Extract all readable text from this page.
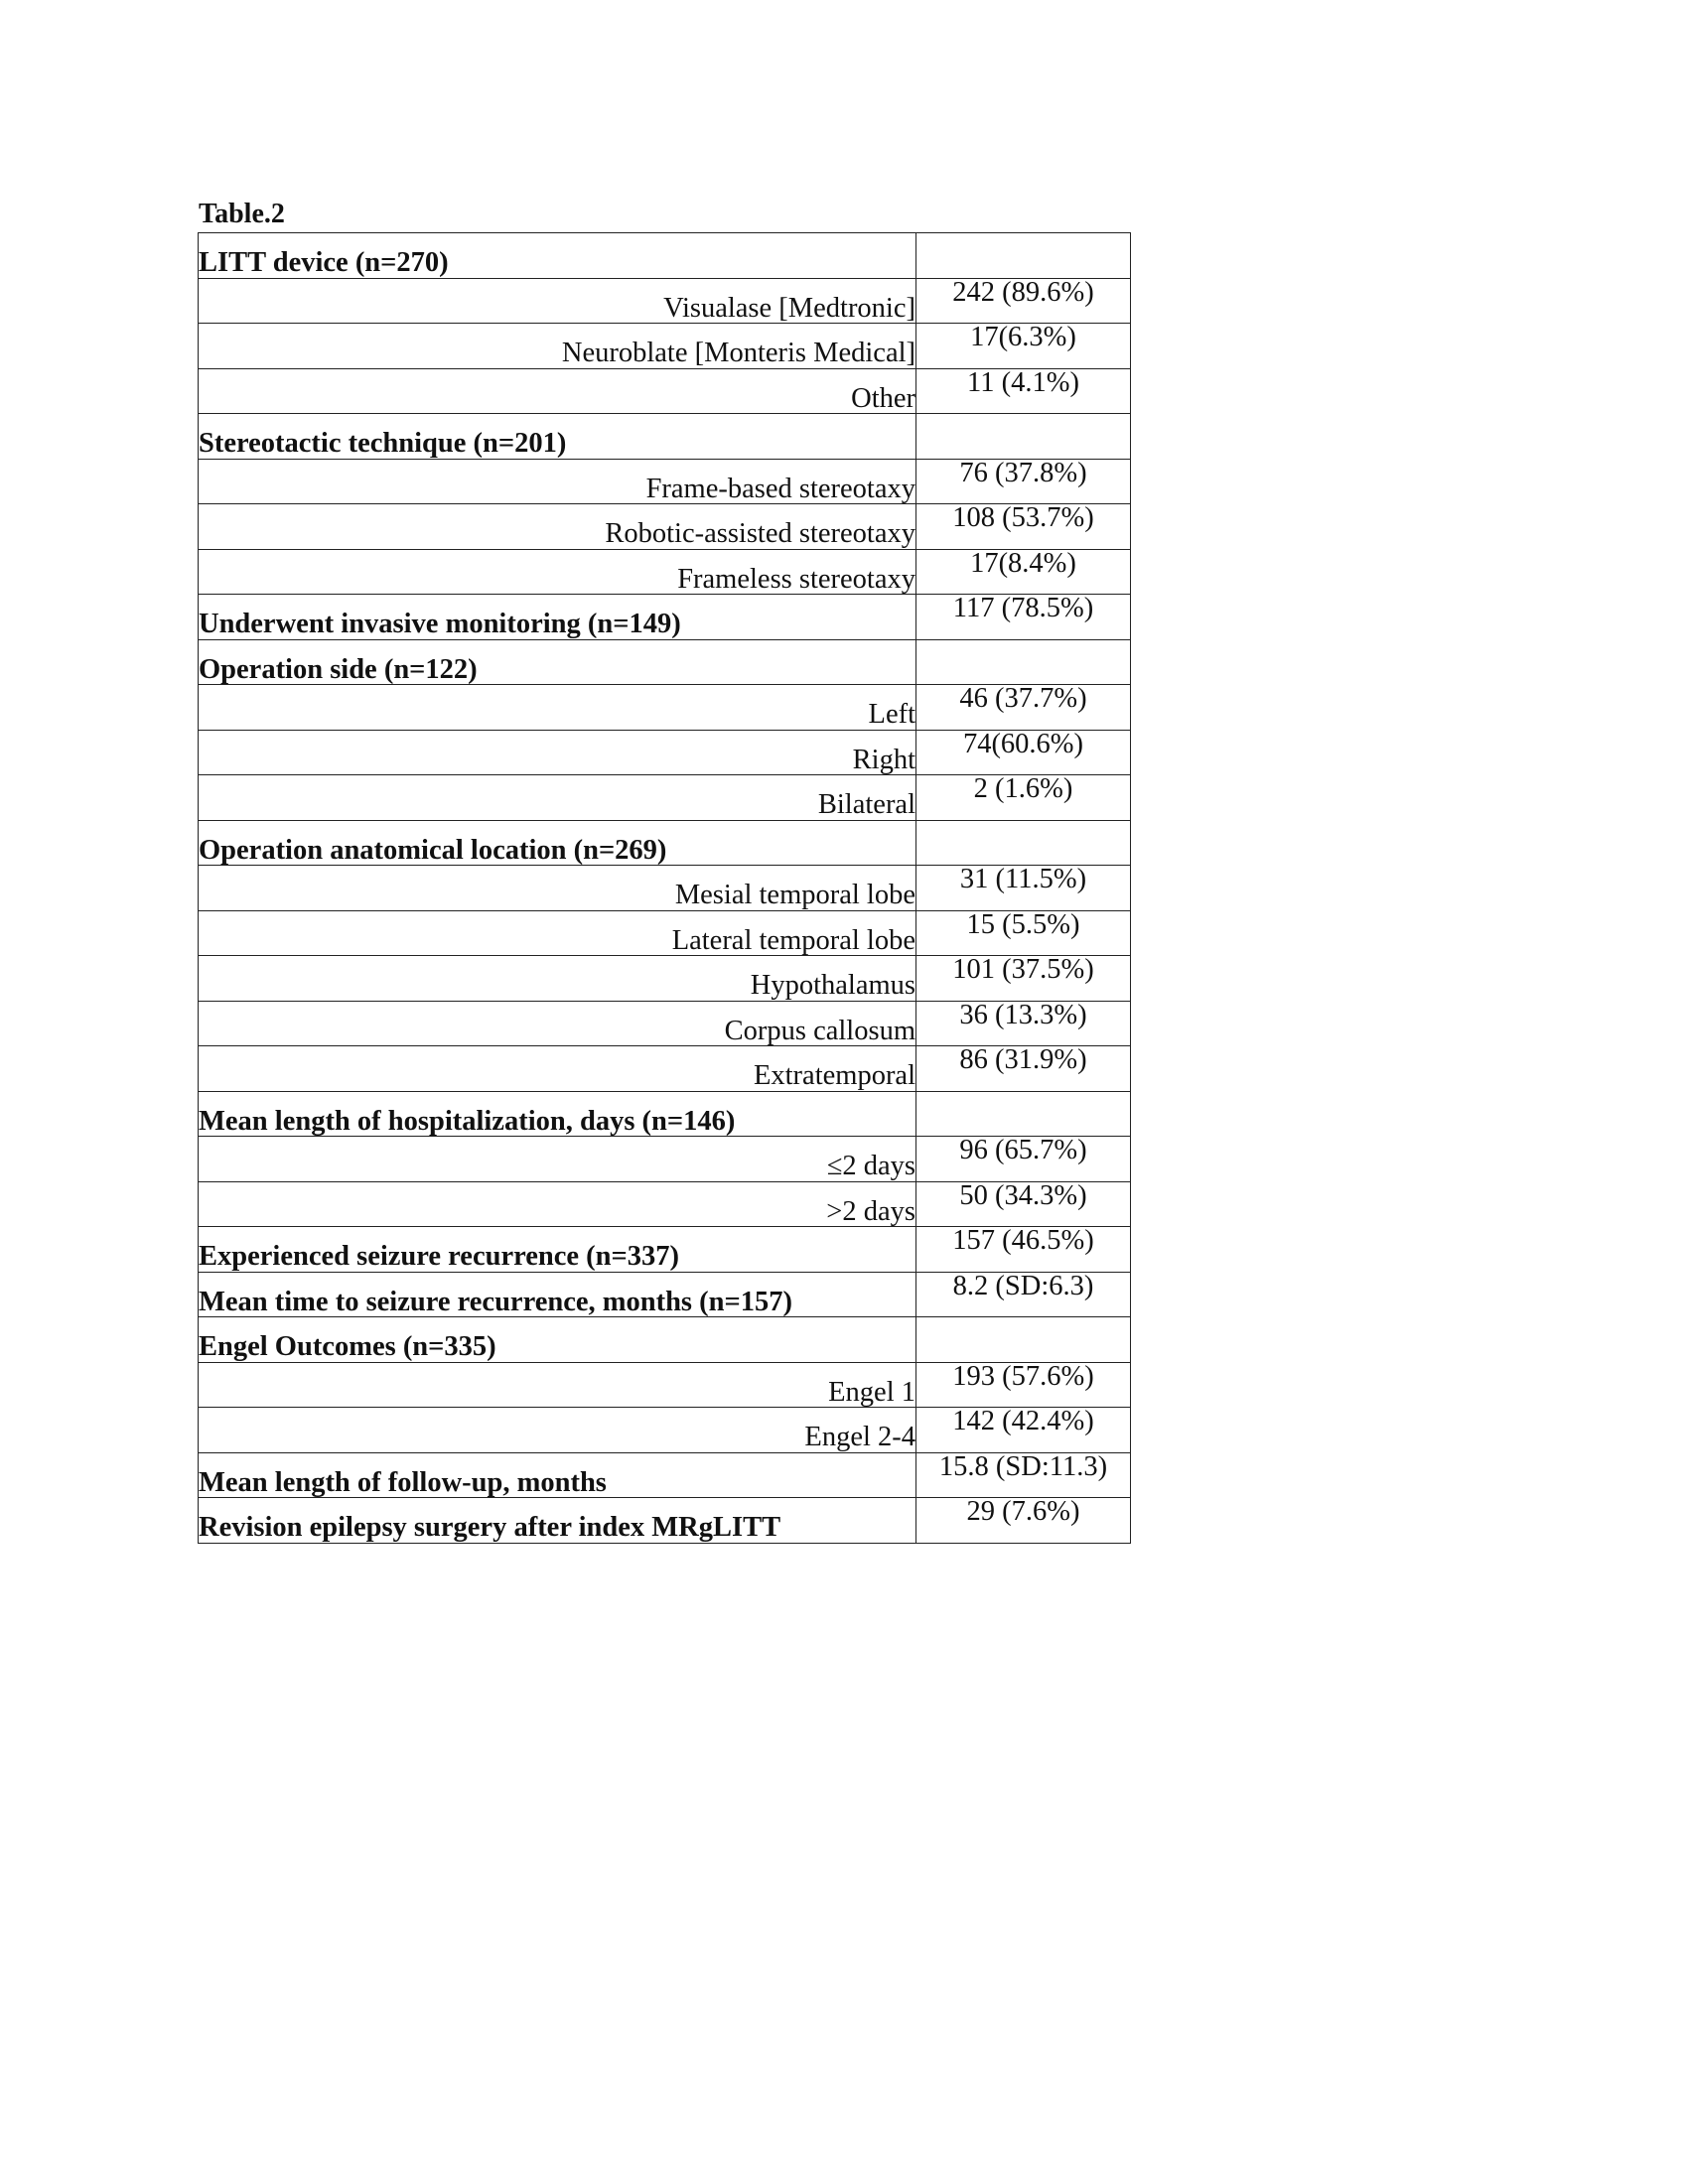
Table.2
LITT device (n=270)	
Visualase [Medtronic]	242 (89.6%)
Neuroblate [Monteris Medical]	17(6.3%)
Other	11 (4.1%)
Stereotactic technique (n=201)	
Frame-based stereotaxy	76 (37.8%)
Robotic-assisted stereotaxy	108 (53.7%)
Frameless stereotaxy	17(8.4%)
Underwent invasive monitoring (n=149)	117 (78.5%)
Operation side (n=122)	
Left	46 (37.7%)
Right	74(60.6%)
Bilateral	2 (1.6%)
Operation anatomical location (n=269)	
Mesial temporal lobe	31 (11.5%)
Lateral temporal lobe	15 (5.5%)
Hypothalamus	101 (37.5%)
Corpus callosum	36 (13.3%)
Extratemporal	86 (31.9%)
Mean length of hospitalization, days (n=146)	
≤2 days	96 (65.7%)
>2 days	50 (34.3%)
Experienced seizure recurrence (n=337)	157 (46.5%)
Mean time to seizure recurrence, months (n=157)	8.2 (SD:6.3)
Engel Outcomes (n=335)	
Engel 1	193 (57.6%)
Engel 2-4	142 (42.4%)
Mean length of follow-up, months	15.8 (SD:11.3)
Revision epilepsy surgery after index MRgLITT	29 (7.6%)
